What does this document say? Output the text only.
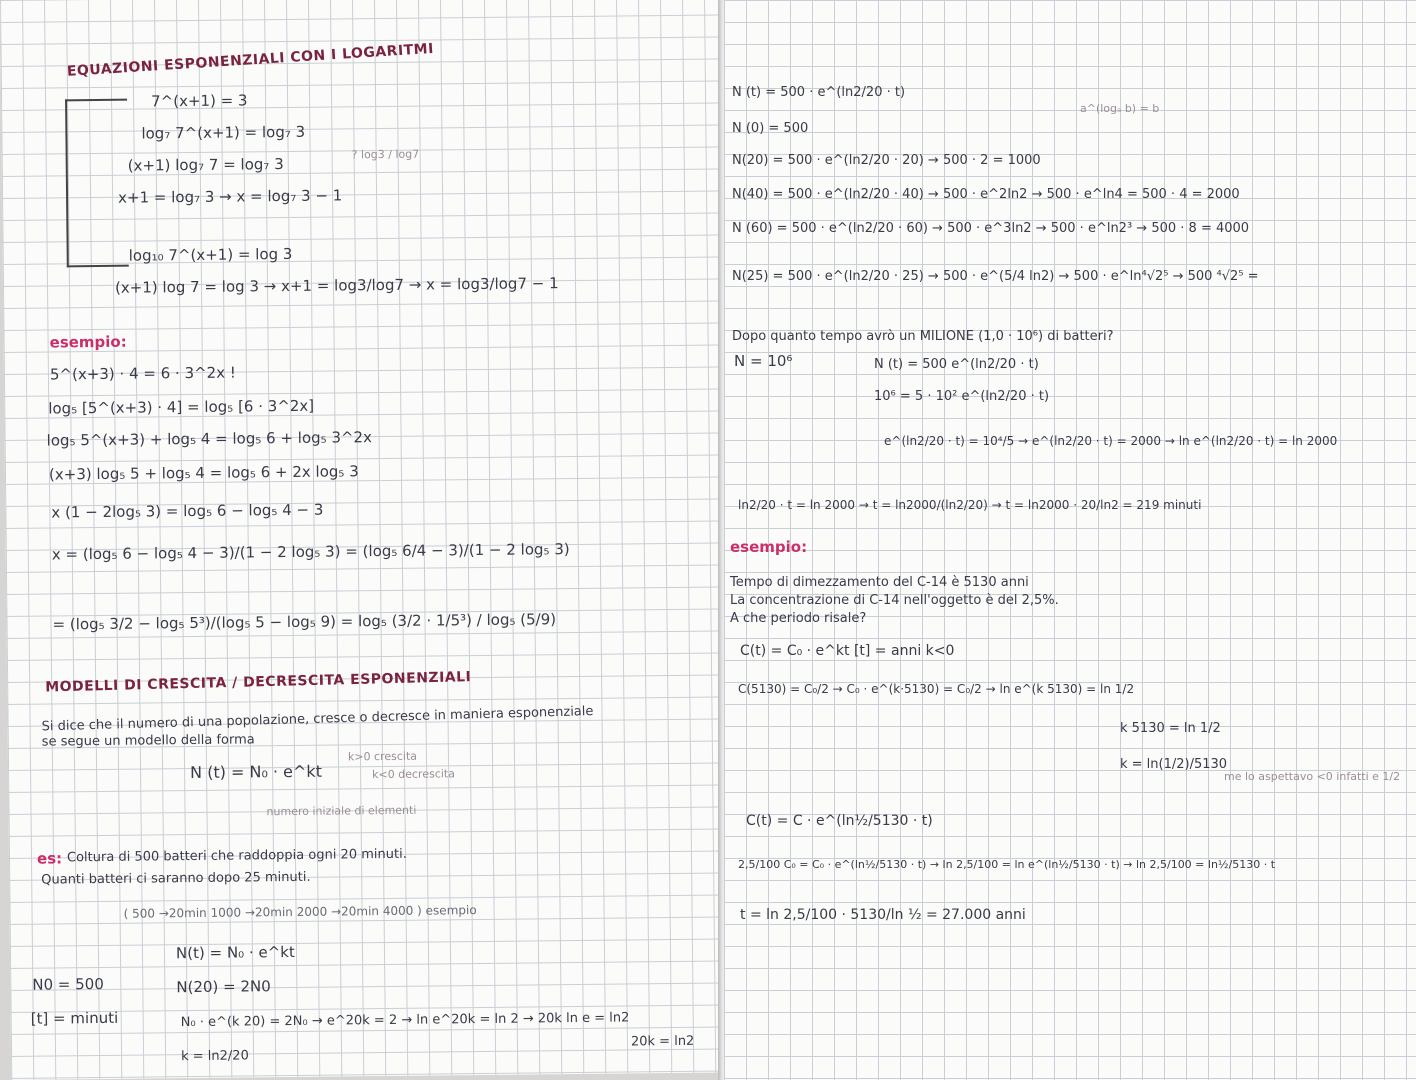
EQUAZIONI ESPONENZIALI CON I LOGARITMI
7^(x+1) = 3
log₇ 7^(x+1) = log₇ 3
(x+1) log₇ 7 = log₇ 3
x+1 = log₇ 3 → x = log₇ 3 − 1
? log3 / log7
log₁₀ 7^(x+1) = log 3
(x+1) log 7 = log 3 → x+1 = log3/log7 → x = log3/log7 − 1
esempio:
5^(x+3) · 4 = 6 · 3^2x !
log₅ [5^(x+3) · 4] = log₅ [6 · 3^2x]
log₅ 5^(x+3) + log₅ 4 = log₅ 6 + log₅ 3^2x
(x+3) log₅ 5 + log₅ 4 = log₅ 6 + 2x log₅ 3
x (1 − 2log₅ 3) = log₅ 6 − log₅ 4 − 3
x = (log₅ 6 − log₅ 4 − 3)/(1 − 2 log₅ 3) = (log₅ 6/4 − 3)/(1 − 2 log₅ 3)
= (log₅ 3/2 − log₅ 5³)/(log₅ 5 − log₅ 9) = log₅ (3/2 · 1/5³) / log₅ (5/9)
MODELLI DI CRESCITA / DECRESCITA ESPONENZIALI
Si dice che il numero di una popolazione, cresce o decresce in maniera esponenziale
se segue un modello della forma
N (t) = N₀ · e^kt
k>0 crescita
k<0 decrescita
numero iniziale di elementi
es: Coltura di 500 batteri che raddoppia ogni 20 minuti.
Quanti batteri ci saranno dopo 25 minuti.
( 500 →20min 1000 →20min 2000 →20min 4000 ) esempio
N0 = 500
[t] = minuti
N(t) = N₀ · e^kt
N(20) = 2N0
N₀ · e^(k 20) = 2N₀ → e^20k = 2 → ln e^20k = ln 2 → 20k ln e = ln2
20k = ln2
k = ln2/20
a^(logₐ b) = b
N (t) = 500 · e^(ln2/20 · t)
N (0) = 500
N(20) = 500 · e^(ln2/20 · 20) → 500 · 2 = 1000
N(40) = 500 · e^(ln2/20 · 40) → 500 · e^2ln2 → 500 · e^ln4 = 500 · 4 = 2000
N (60) = 500 · e^(ln2/20 · 60) → 500 · e^3ln2 → 500 · e^ln2³ → 500 · 8 = 4000
N(25) = 500 · e^(ln2/20 · 25) → 500 · e^(5/4 ln2) → 500 · e^ln⁴√2⁵ → 500 ⁴√2⁵ =
Dopo quanto tempo avrò un MILIONE (1,0 · 10⁶) di batteri?
N = 10⁶	N (t) = 500 e^(ln2/20 · t)
10⁶ = 5 · 10² e^(ln2/20 · t)
e^(ln2/20 · t) = 10⁴/5 → e^(ln2/20 · t) = 2000 → ln e^(ln2/20 · t) = ln 2000
ln2/20 · t = ln 2000 → t = ln2000/(ln2/20) → t = ln2000 · 20/ln2 = 219 minuti
esempio:
Tempo di dimezzamento del C-14 è 5130 anni
La concentrazione di C-14 nell'oggetto è del 2,5%.
A che periodo risale?
C(t) = C₀ · e^kt [t] = anni k<0
C(5130) = C₀/2 → C₀ · e^(k·5130) = C₀/2 → ln e^(k 5130) = ln 1/2
k 5130 = ln 1/2
k = ln(1/2)/5130
me lo aspettavo <0 infatti e 1/2
C(t) = C · e^(ln½/5130 · t)
2,5/100 C₀ = C₀ · e^(ln½/5130 · t) → ln 2,5/100 = ln e^(ln½/5130 · t) → ln 2,5/100 = ln½/5130 · t
t = ln 2,5/100 · 5130/ln ½ = 27.000 anni
